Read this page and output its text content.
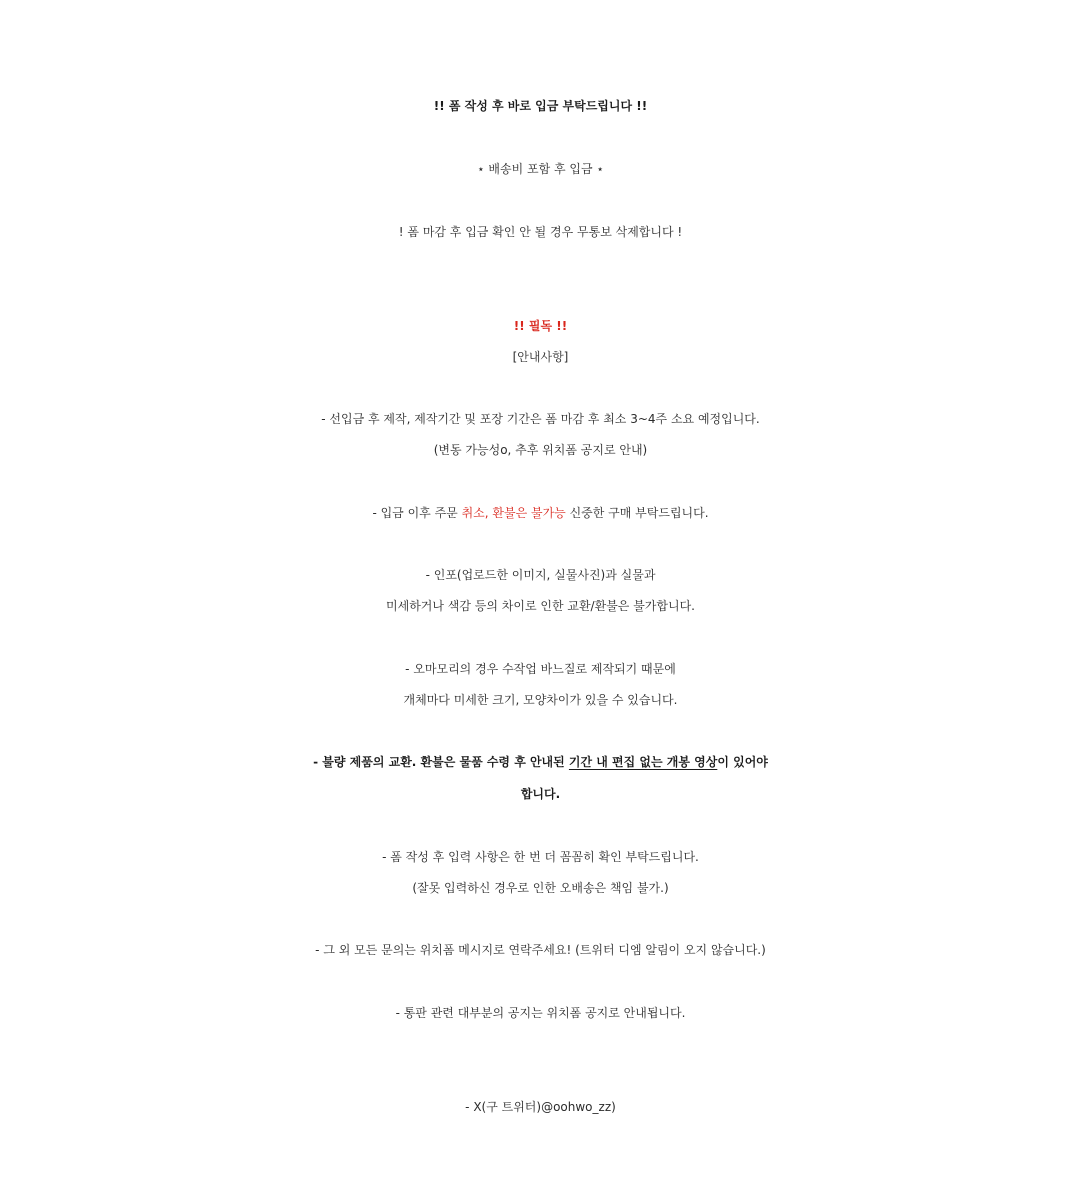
!! 폼 작성 후 바로 입금 부탁드립니다 !!
⋆ 배송비 포함 후 입금 ⋆
! 폼 마감 후 입금 확인 안 될 경우 무통보 삭제합니다 !
!! 필독 !!
[안내사항]
- 선입금 후 제작, 제작기간 및 포장 기간은 폼 마감 후 최소 3~4주 소요 예정입니다.
(변동 가능성o, 추후 위치폼 공지로 안내)
- 입금 이후 주문 취소, 환불은 불가능 신중한 구매 부탁드립니다.
- 인포(업로드한 이미지, 실물사진)과 실물과
미세하거나 색감 등의 차이로 인한 교환/환불은 불가합니다.
- 오마모리의 경우 수작업 바느질로 제작되기 때문에
개체마다 미세한 크기, 모양차이가 있을 수 있습니다.
- 불량 제품의 교환. 환불은 물품 수령 후 안내된 기간 내 편집 없는 개봉 영상이 있어야
합니다.
- 폼 작성 후 입력 사항은 한 번 더 꼼꼼히 확인 부탁드립니다.
(잘못 입력하신 경우로 인한 오배송은 책임 불가.)
- 그 외 모든 문의는 위치폼 메시지로 연락주세요! (트위터 디엠 알림이 오지 않습니다.)
- 통판 관련 대부분의 공지는 위치폼 공지로 안내됩니다.
- X(구 트위터)@oohwo_zz)
